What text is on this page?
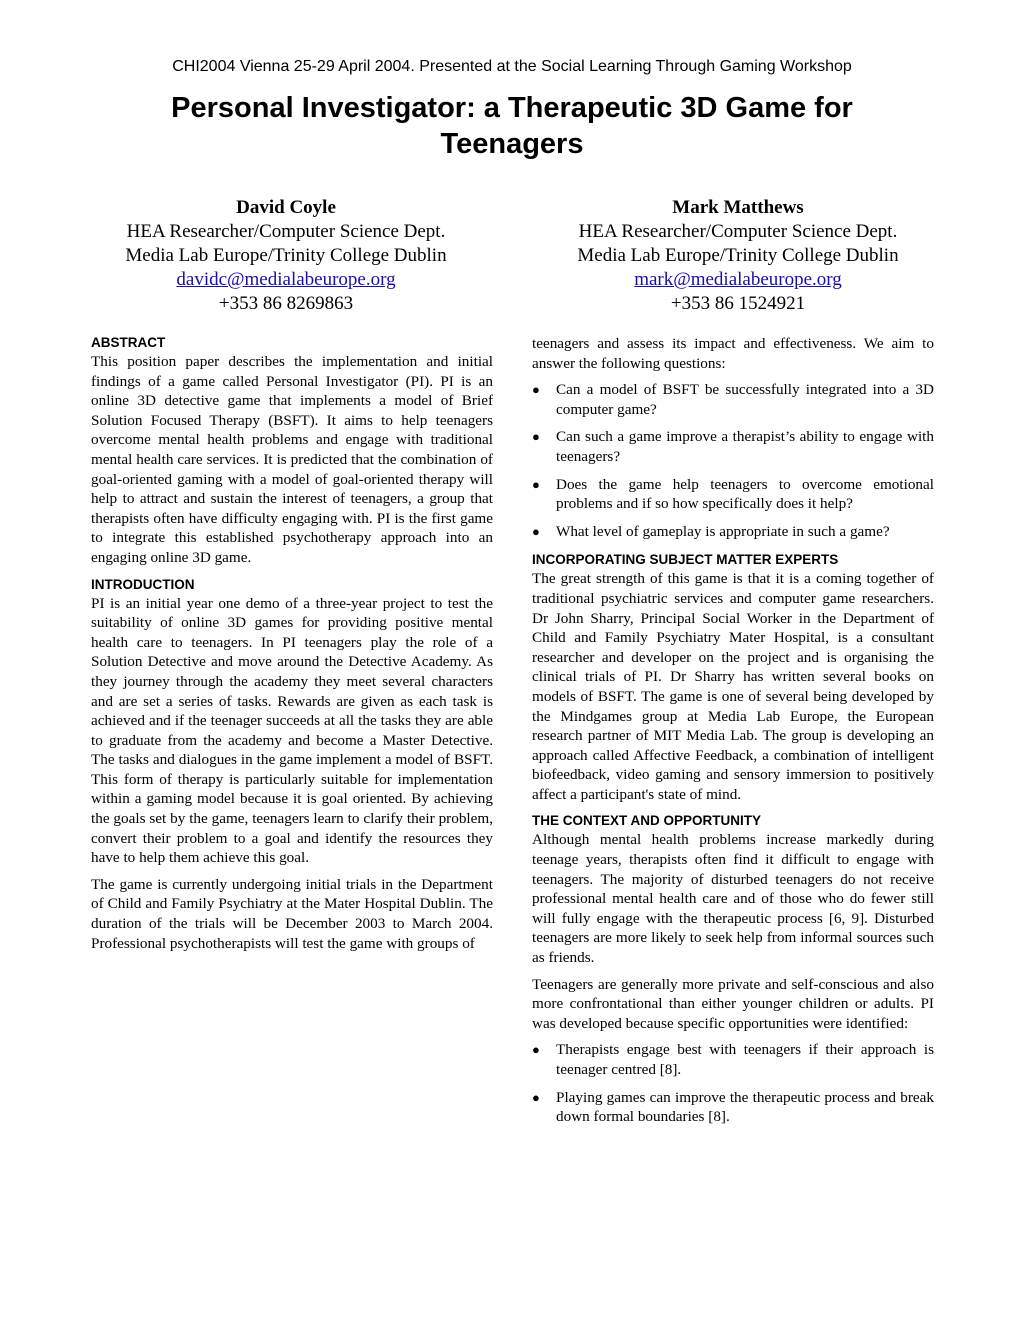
CHI2004 Vienna 25-29 April 2004. Presented at the Social Learning Through Gaming Workshop
Personal Investigator: a Therapeutic 3D Game for Teenagers
David Coyle
HEA Researcher/Computer Science Dept.
Media Lab Europe/Trinity College Dublin
davidc@medialabeurope.org
+353 86 8269863
Mark Matthews
HEA Researcher/Computer Science Dept.
Media Lab Europe/Trinity College Dublin
mark@medialabeurope.org
+353 86 1524921
ABSTRACT

This position paper describes the implementation and initial findings of a game called Personal Investigator (PI). PI is an online 3D detective game that implements a model of Brief Solution Focused Therapy (BSFT). It aims to help teenagers overcome mental health problems and engage with traditional mental health care services. It is predicted that the combination of goal-oriented gaming with a model of goal-oriented therapy will help to attract and sustain the interest of teenagers, a group that therapists often have difficulty engaging with. PI is the first game to integrate this established psychotherapy approach into an engaging online 3D game.

INTRODUCTION

PI is an initial year one demo of a three-year project to test the suitability of online 3D games for providing positive mental health care to teenagers. In PI teenagers play the role of a Solution Detective and move around the Detective Academy. As they journey through the academy they meet several characters and are set a series of tasks. Rewards are given as each task is achieved and if the teenager succeeds at all the tasks they are able to graduate from the academy and become a Master Detective. The tasks and dialogues in the game implement a model of BSFT. This form of therapy is particularly suitable for implementation within a gaming model because it is goal oriented. By achieving the goals set by the game, teenagers learn to clarify their problem, convert their problem to a goal and identify the resources they have to help them achieve this goal.

The game is currently undergoing initial trials in the Department of Child and Family Psychiatry at the Mater Hospital Dublin. The duration of the trials will be December 2003 to March 2004. Professional psychotherapists will test the game with groups of

teenagers and assess its impact and effectiveness. We aim to answer the following questions:

● Can a model of BSFT be successfully integrated into a 3D computer game?
● Can such a game improve a therapist’s ability to engage with teenagers?
● Does the game help teenagers to overcome emotional problems and if so how specifically does it help?
● What level of gameplay is appropriate in such a game?
INCORPORATING SUBJECT MATTER EXPERTS

The great strength of this game is that it is a coming together of traditional psychiatric services and computer game researchers. Dr John Sharry, Principal Social Worker in the Department of Child and Family Psychiatry Mater Hospital, is a consultant researcher and developer on the project and is organising the clinical trials of PI. Dr Sharry has written several books on models of BSFT. The game is one of several being developed by the Mindgames group at Media Lab Europe, the European research partner of MIT Media Lab. The group is developing an approach called Affective Feedback, a combination of intelligent biofeedback, video gaming and sensory immersion to positively affect a participant's state of mind.

THE CONTEXT AND OPPORTUNITY

Although mental health problems increase markedly during teenage years, therapists often find it difficult to engage with teenagers. The majority of disturbed teenagers do not receive professional mental health care and of those who do fewer still will fully engage with the therapeutic process [6, 9]. Disturbed teenagers are more likely to seek help from informal sources such as friends.

Teenagers are generally more private and self-conscious and also more confrontational than either younger children or adults. PI was developed because specific opportunities were identified:

● Therapists engage best with teenagers if their approach is teenager centred [8].
● Playing games can improve the therapeutic process and break down formal boundaries [8].
